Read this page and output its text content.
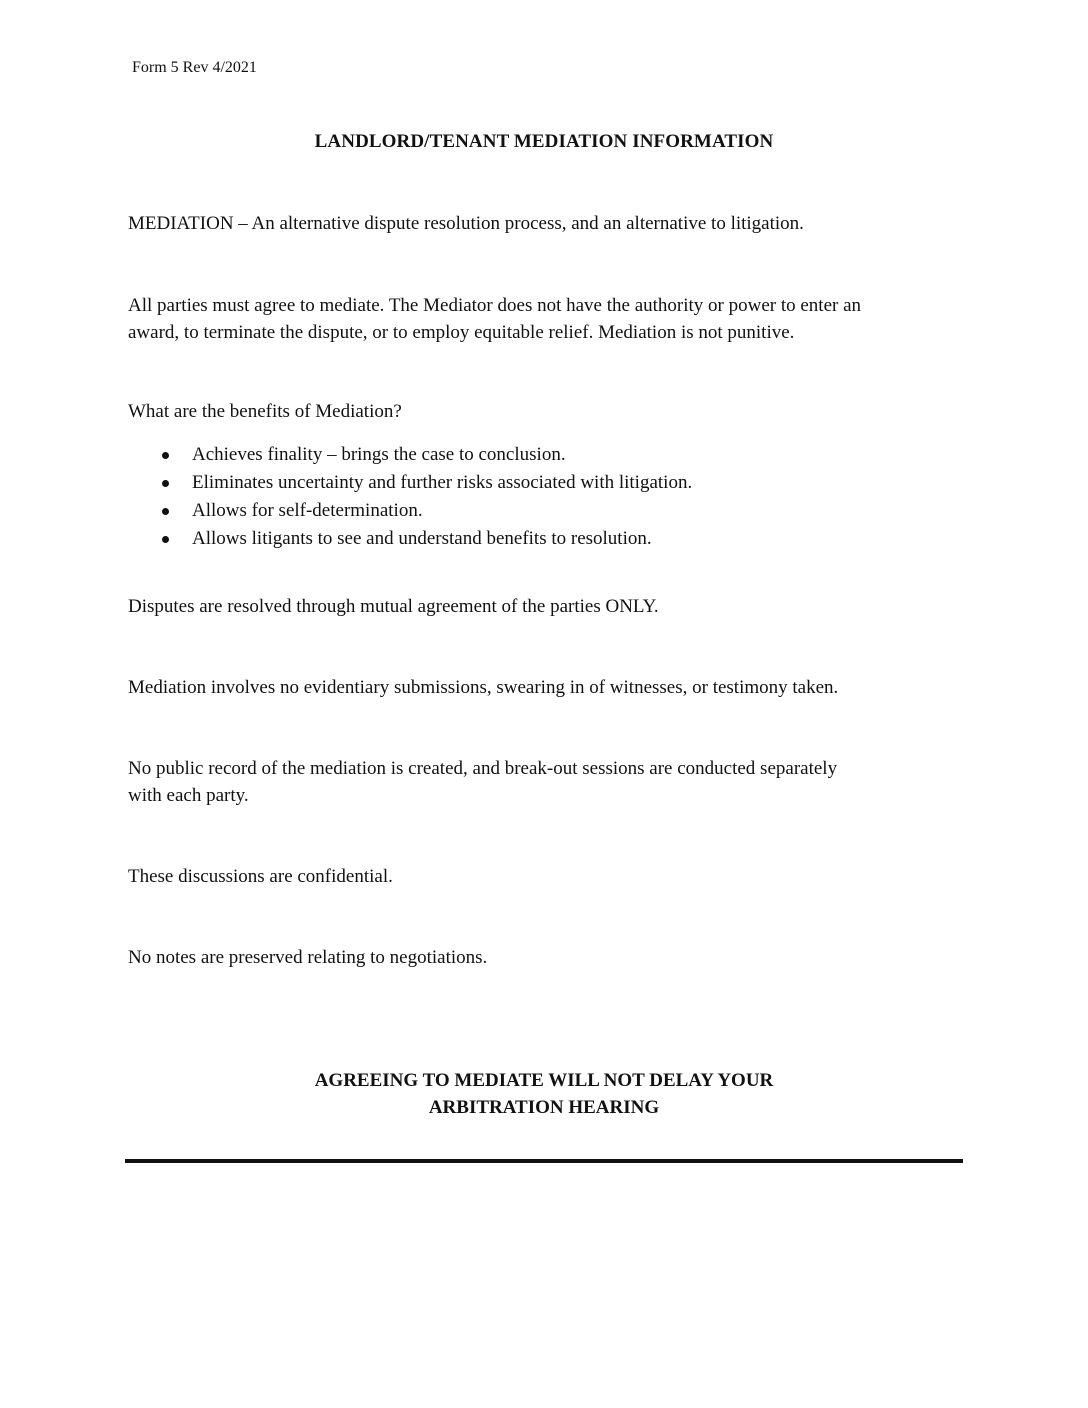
Form 5 Rev 4/2021
LANDLORD/TENANT MEDIATION INFORMATION

MEDIATION – An alternative dispute resolution process, and an alternative to litigation.

All parties must agree to mediate. The Mediator does not have the authority or power to enter an
award, to terminate the dispute, or to employ equitable relief. Mediation is not punitive.

What are the benefits of Mediation?

Achieves finality – brings the case to conclusion.
Eliminates uncertainty and further risks associated with litigation.
Allows for self-determination.
Allows litigants to see and understand benefits to resolution.

Disputes are resolved through mutual agreement of the parties ONLY.

Mediation involves no evidentiary submissions, swearing in of witnesses, or testimony taken.

No public record of the mediation is created, and break-out sessions are conducted separately
with each party.

These discussions are confidential.

No notes are preserved relating to negotiations.

AGREEING TO MEDIATE WILL NOT DELAY YOUR
ARBITRATION HEARING
